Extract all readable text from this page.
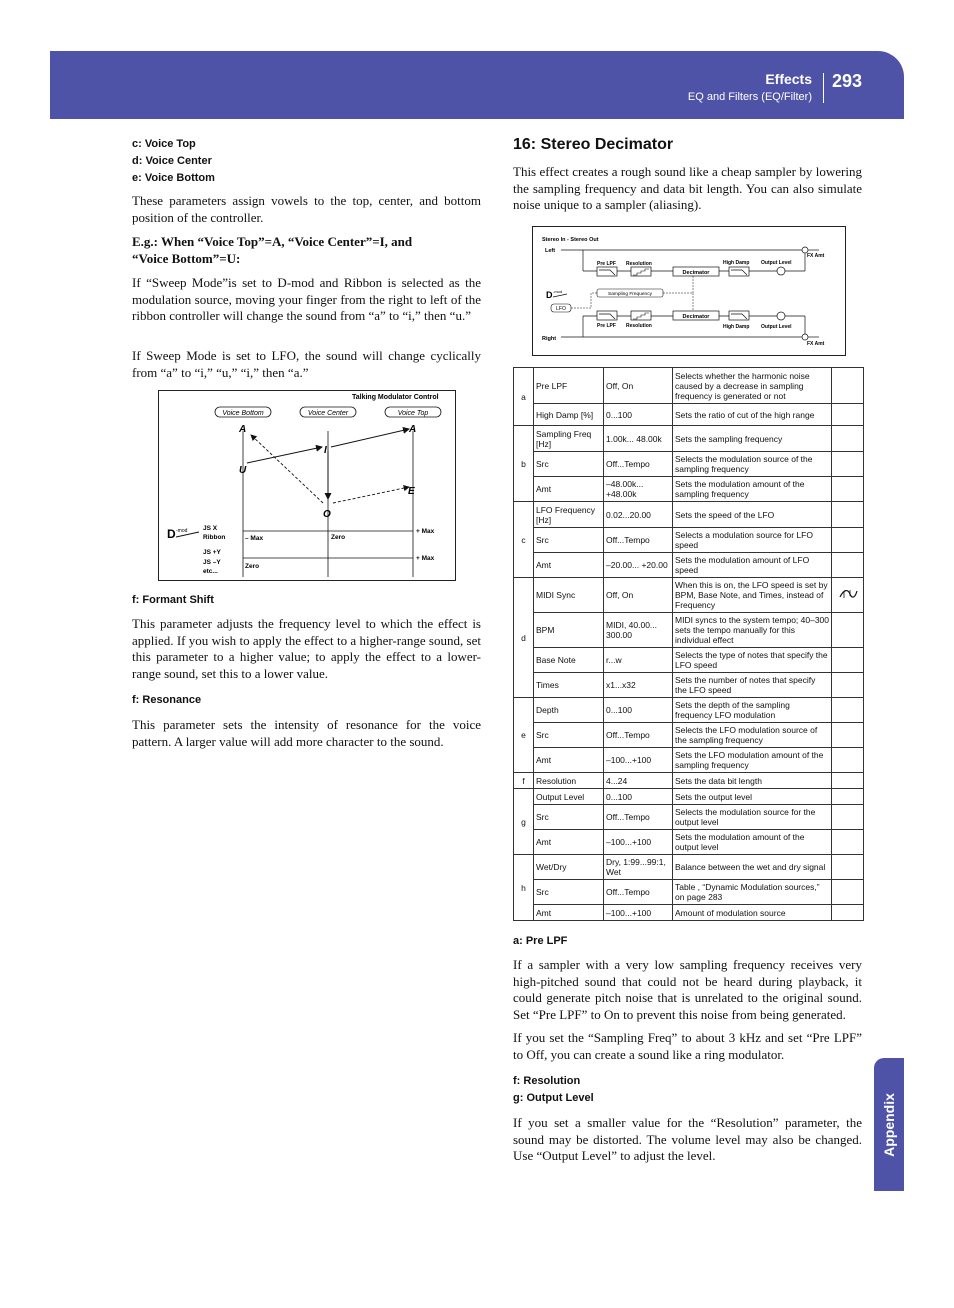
Effects
EQ and Filters (EQ/Filter)
293
Appendix
c: Voice Top
d: Voice Center
e: Voice Bottom
These parameters assign vowels to the top, center, and bottom position of the controller.
E.g.: When “Voice Top”=A, “Voice Center”=I, and “Voice Bottom”=U:
If “Sweep Mode”is set to D-mod and Ribbon is selected as the modulation source, moving your finger from the right to left of the ribbon controller will change the sound from “a” to “i,” then “u.”
If Sweep Mode is set to LFO, the sound will change cyclically from “a” to “i,” “u,” “i,” then “a.”
Talking Modulator Control
Voice Bottom	Voice Center	Voice Top
A
U
I
O
A
E
D -mod JS X
Ribbon
JS +Y
JS –Y
etc...
– Max	Zero
Zero
+ Max
+ Max
f: Formant Shift
This parameter adjusts the frequency level to which the effect is applied. If you wish to apply the effect to a higher-range sound, set this parameter to a higher value; to apply the effect to a lower-range sound, set this to a lower value.
f: Resonance
This parameter sets the intensity of resonance for the voice pattern. A larger value will add more character to the sound.
16: Stereo Decimator
This effect creates a rough sound like a cheap sampler by lowering the sampling frequency and data bit length. You can also simulate noise unique to a sampler (aliasing).
Stereo In - Stereo Out
Left
Right
Pre LPF Resolution
Decimator
High Damp Output Level
FX Amt
Pre LPF Resolution
Decimator
High Damp Output Level
FX Amt
D -mod
Sampling Frequency
LFO
a	Pre LPF	Off, On	Selects whether the harmonic noise caused by a decrease in sampling frequency is generated or not	
	High Damp [%]	0...100	Sets the ratio of cut of the high range	
b	Sampling Freq [Hz]	1.00k... 48.00k	Sets the sampling frequency	
	Src	Off...Tempo	Selects the modulation source of the sampling frequency	
	Amt	–48.00k... +48.00k	Sets the modulation amount of the sampling frequency	
c	LFO Frequency [Hz]	0.02...20.00	Sets the speed of the LFO	
	Src	Off...Tempo	Selects a modulation source for LFO speed	
	Amt	–20.00... +20.00	Sets the modulation amount of LFO speed	
d	MIDI Sync	Off, On	When this is on, the LFO speed is set by BPM, Base Note, and Times, instead of Frequency	
	BPM	MIDI, 40.00... 300.00	MIDI syncs to the system tempo; 40–300 sets the tempo manually for this individual effect	
	Base Note	r...w	Selects the type of notes that specify the LFO speed	
	Times	x1...x32	Sets the number of notes that specify the LFO speed	
e	Depth	0...100	Sets the depth of the sampling frequency LFO modulation	
	Src	Off...Tempo	Selects the LFO modulation source of the sampling frequency	
	Amt	–100...+100	Sets the LFO modulation amount of the sampling frequency	
f	Resolution	4...24	Sets the data bit length	
g	Output Level	0...100	Sets the output level	
	Src	Off...Tempo	Selects the modulation source for the output level	
	Amt	–100...+100	Sets the modulation amount of the output level	
h	Wet/Dry	Dry, 1:99...99:1, Wet	Balance between the wet and dry signal	
	Src	Off...Tempo	Table , “Dynamic Modulation sources,” on page 283	
	Amt	–100...+100	Amount of modulation source	
a: Pre LPF
If a sampler with a very low sampling frequency receives very high-pitched sound that could not be heard during playback, it could generate pitch noise that is unrelated to the original sound. Set “Pre LPF” to On to prevent this noise from being generated.
If you set the “Sampling Freq” to about 3 kHz and set “Pre LPF” to Off, you can create a sound like a ring modulator.
f: Resolution
g: Output Level
If you set a smaller value for the “Resolution” parameter, the sound may be distorted. The volume level may also be changed. Use “Output Level” to adjust the level.
